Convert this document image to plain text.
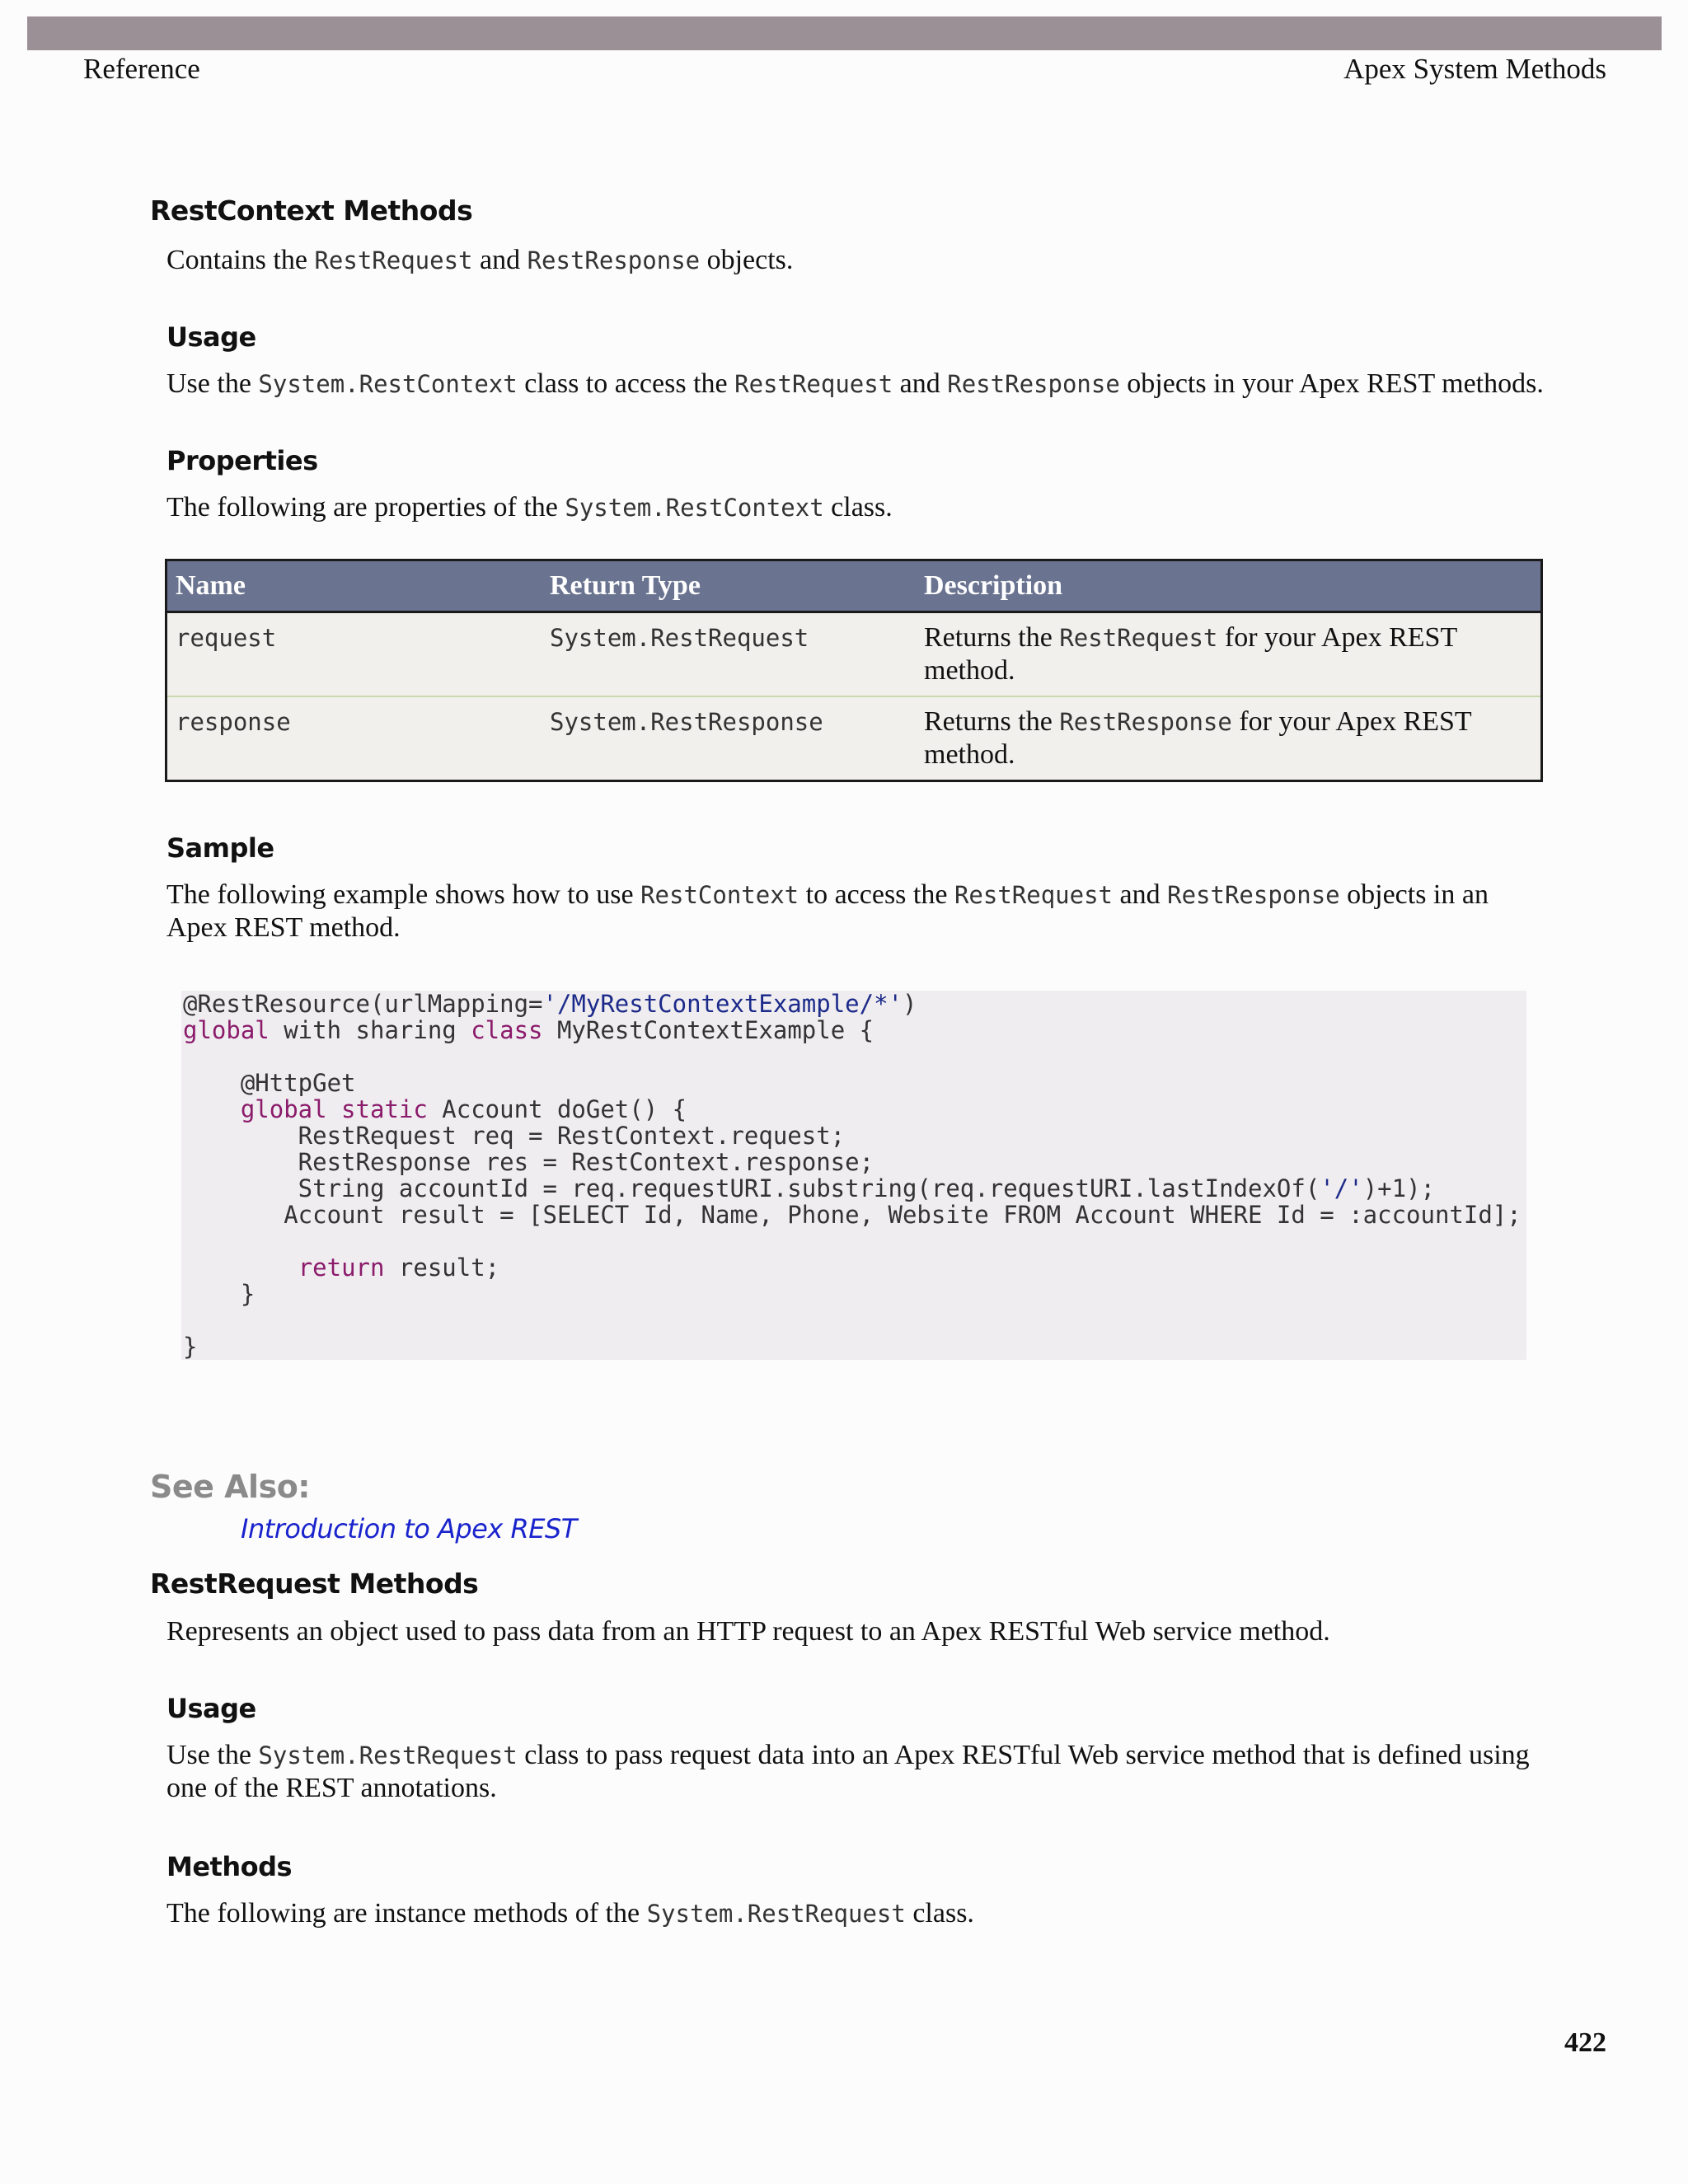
Reference	Apex System Methods
RestContext Methods
Contains the RestRequest and RestResponse objects.
Usage
Use the System.RestContext class to access the RestRequest and RestResponse objects in your Apex REST methods.
Properties
The following are properties of the System.RestContext class.
Name	Return Type	Description
request	System.RestRequest	Returns the RestRequest for your Apex REST method.
response	System.RestResponse	Returns the RestResponse for your Apex REST method.
Sample
The following example shows how to use RestContext to access the RestRequest and RestResponse objects in an Apex REST method.
@RestResource(urlMapping='/MyRestContextExample/*')
global with sharing class MyRestContextExample {

@HttpGet
global static Account doGet() {
RestRequest req = RestContext.request;
RestResponse res = RestContext.response;
String accountId = req.requestURI.substring(req.requestURI.lastIndexOf('/')+1);
Account result = [SELECT Id, Name, Phone, Website FROM Account WHERE Id = :accountId];

return result;
}

}
See Also:
Introduction to Apex REST
RestRequest Methods
Represents an object used to pass data from an HTTP request to an Apex RESTful Web service method.
Usage
Use the System.RestRequest class to pass request data into an Apex RESTful Web service method that is defined using one of the REST annotations.
Methods
The following are instance methods of the System.RestRequest class.
422
